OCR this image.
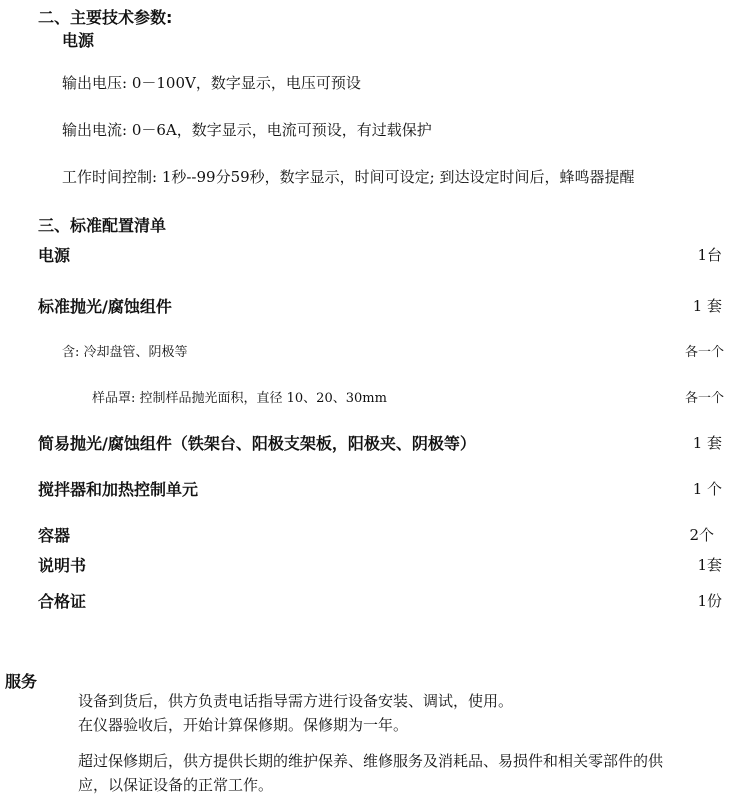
二、主要技术参数:
电源
输出电压: 0－100V，数字显示，电压可预设
输出电流: 0－6A，数字显示，电流可预设，有过载保护
工作时间控制: 1秒--99分59秒，数字显示，时间可设定; 到达设定时间后，蜂鸣器提醒
三、标准配置清单
电源	1台
标准抛光/腐蚀组件	1 套
含: 冷却盘管、阴极等	各一个
样品罩: 控制样品抛光面积，直径 10、20、30mm	各一个
简易抛光/腐蚀组件（铁架台、阳极支架板，阳极夹、阴极等）	1 套
搅拌器和加热控制单元	1 个
容器	2个
说明书	1套
合格证	1份
服务
设备到货后，供方负责电话指导需方进行设备安装、调试，使用。
在仪器验收后，开始计算保修期。保修期为一年。
超过保修期后，供方提供长期的维护保养、维修服务及消耗品、易损件和相关零部件的供
应，以保证设备的正常工作。
